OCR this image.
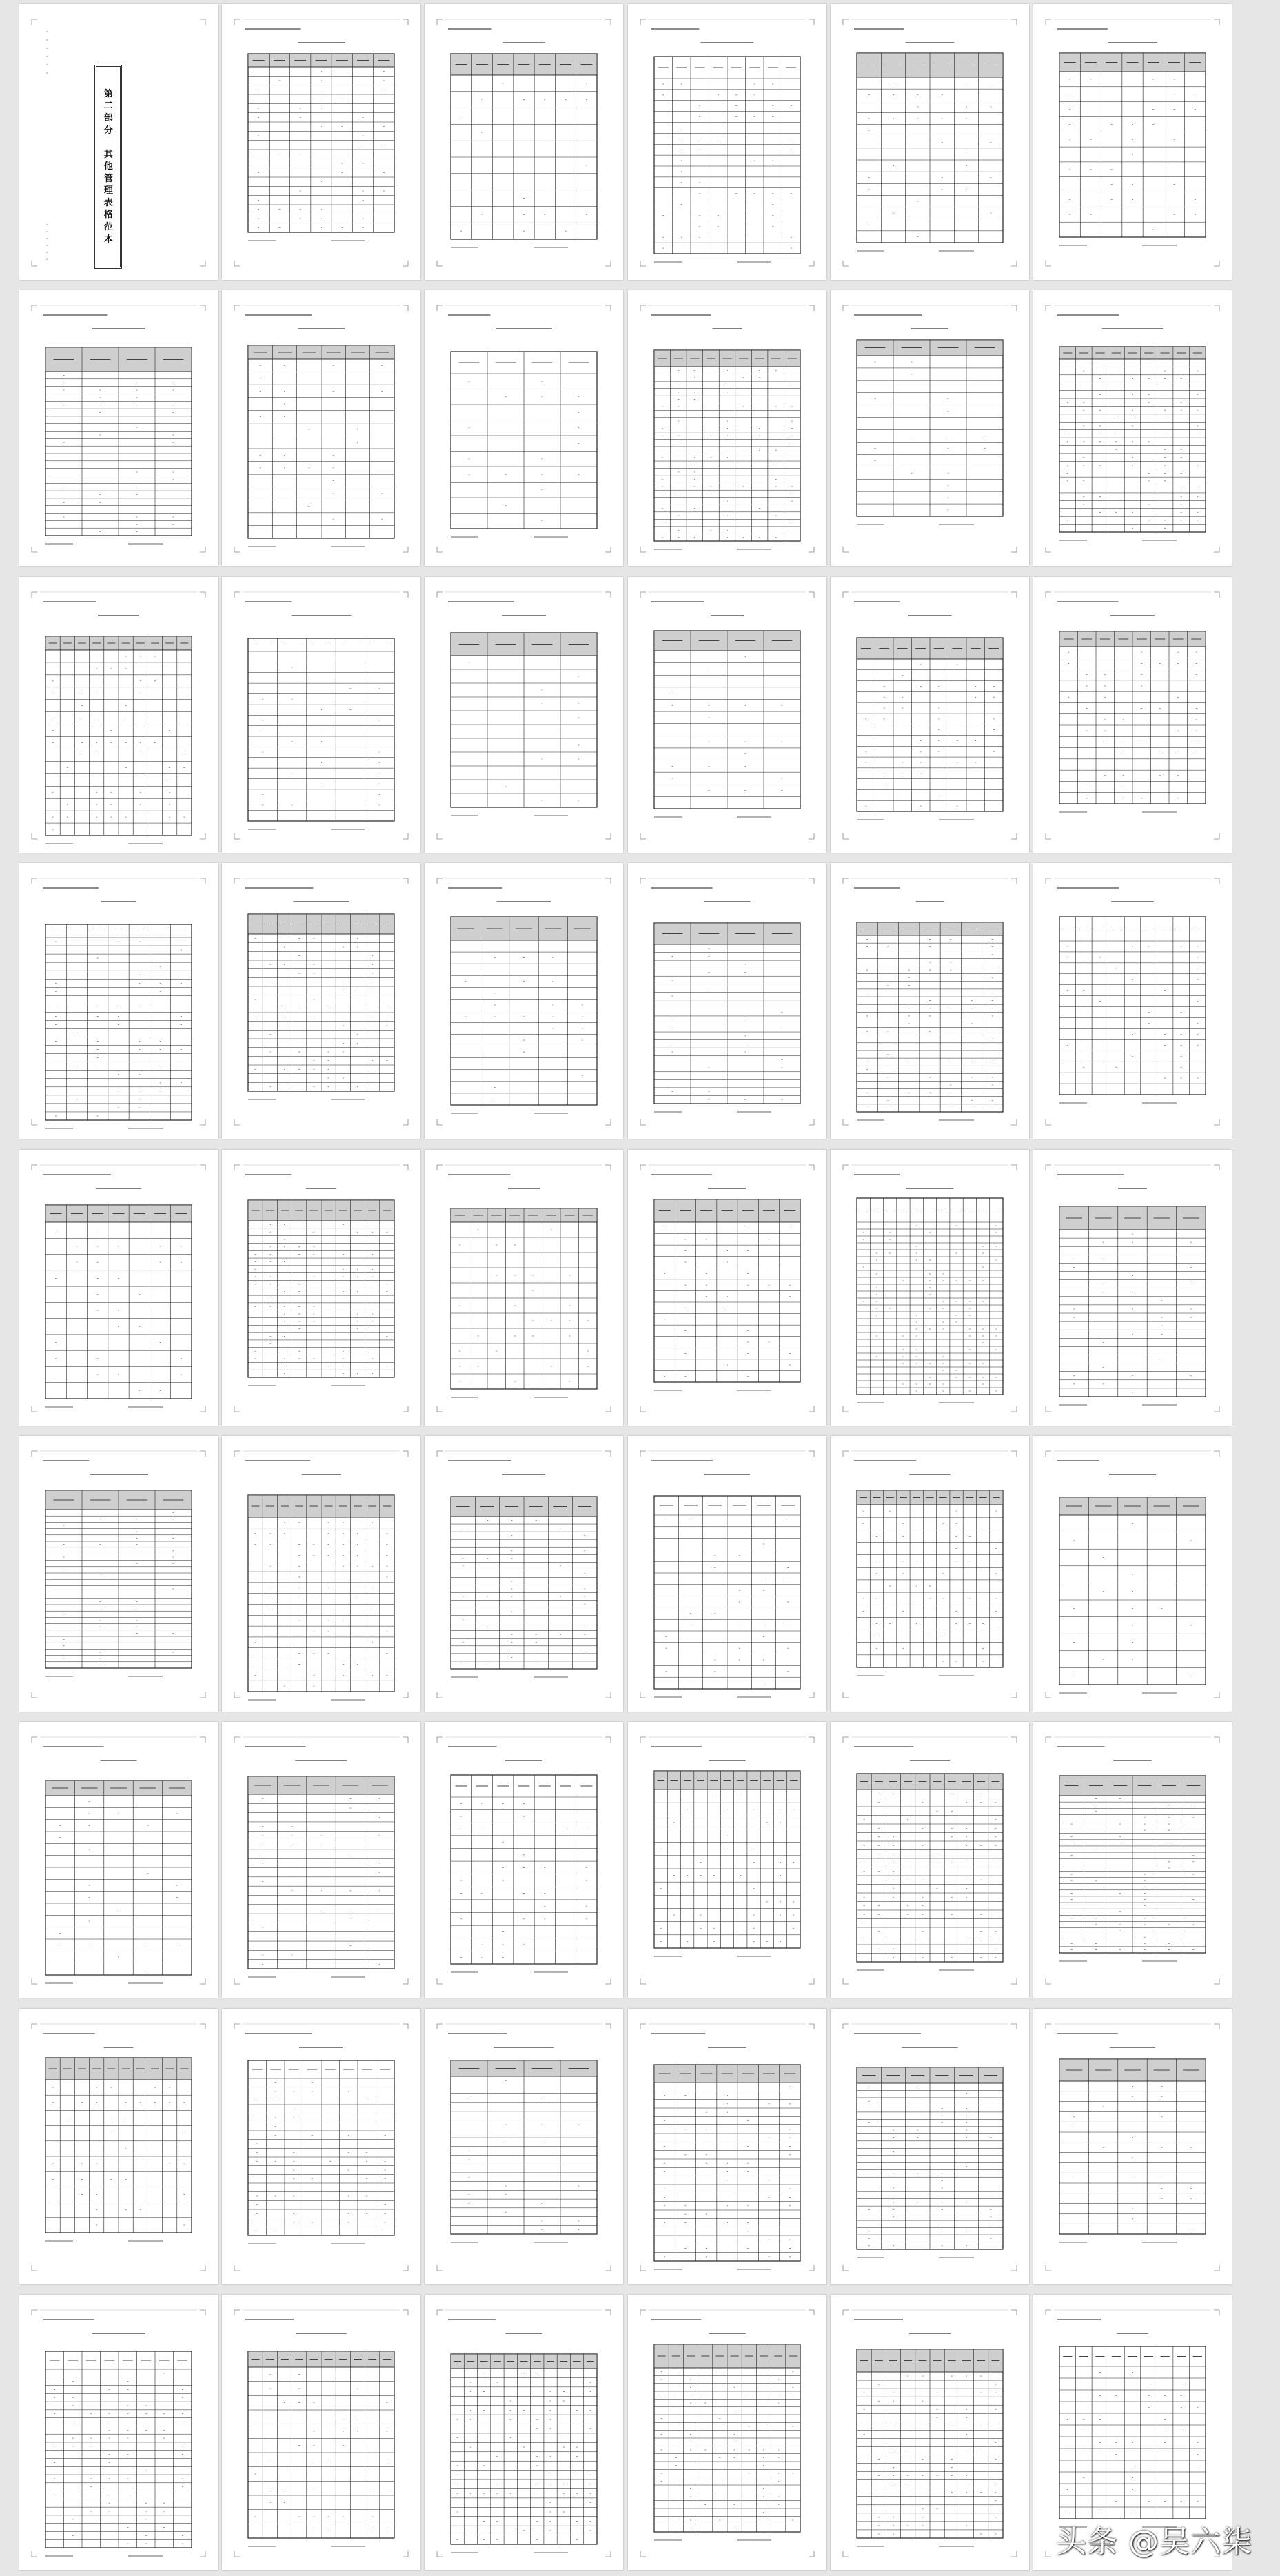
第
二
部
分

其
他
管
理
表
格
范
本
头条 @吴六柒
